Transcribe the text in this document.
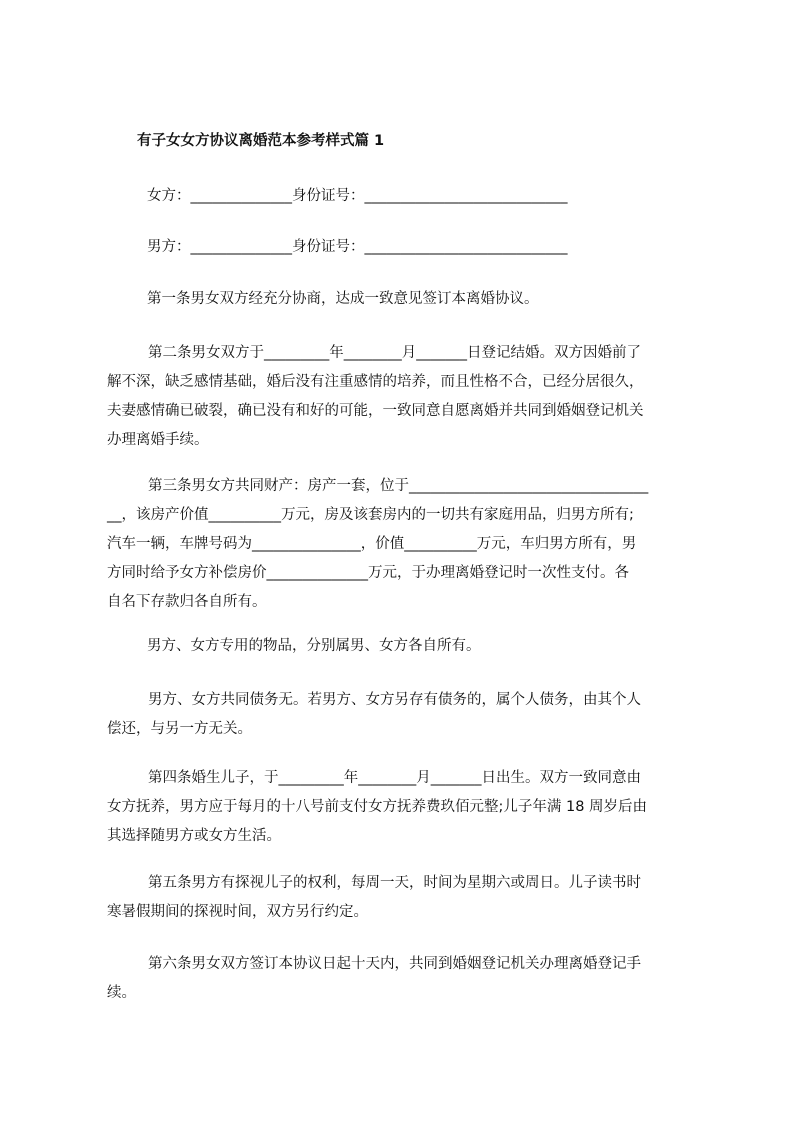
有子女女方协议离婚范本参考样式篇 1
女方：______________身份证号：____________________________
男方：______________身份证号：____________________________
第一条男女双方经充分协商，达成一致意见签订本离婚协议。
第二条男女双方于_________年________月_______日登记结婚。双方因婚前了
解不深，缺乏感情基础，婚后没有注重感情的培养，而且性格不合，已经分居很久，
夫妻感情确已破裂，确已没有和好的可能，一致同意自愿离婚并共同到婚姻登记机关
办理离婚手续。
第三条男女方共同财产：房产一套，位于_________________________________
__，该房产价值__________万元，房及该套房内的一切共有家庭用品，归男方所有;
汽车一辆，车牌号码为_______________，价值__________万元，车归男方所有，男
方同时给予女方补偿房价______________万元，于办理离婚登记时一次性支付。各
自名下存款归各自所有。
男方、女方专用的物品，分别属男、女方各自所有。
男方、女方共同债务无。若男方、女方另存有债务的，属个人债务，由其个人
偿还，与另一方无关。
第四条婚生儿子，于_________年________月_______日出生。双方一致同意由
女方抚养，男方应于每月的十八号前支付女方抚养费玖佰元整;儿子年满 18 周岁后由
其选择随男方或女方生活。
第五条男方有探视儿子的权利，每周一天，时间为星期六或周日。儿子读书时
寒暑假期间的探视时间，双方另行约定。
第六条男女双方签订本协议日起十天内，共同到婚姻登记机关办理离婚登记手
续。
